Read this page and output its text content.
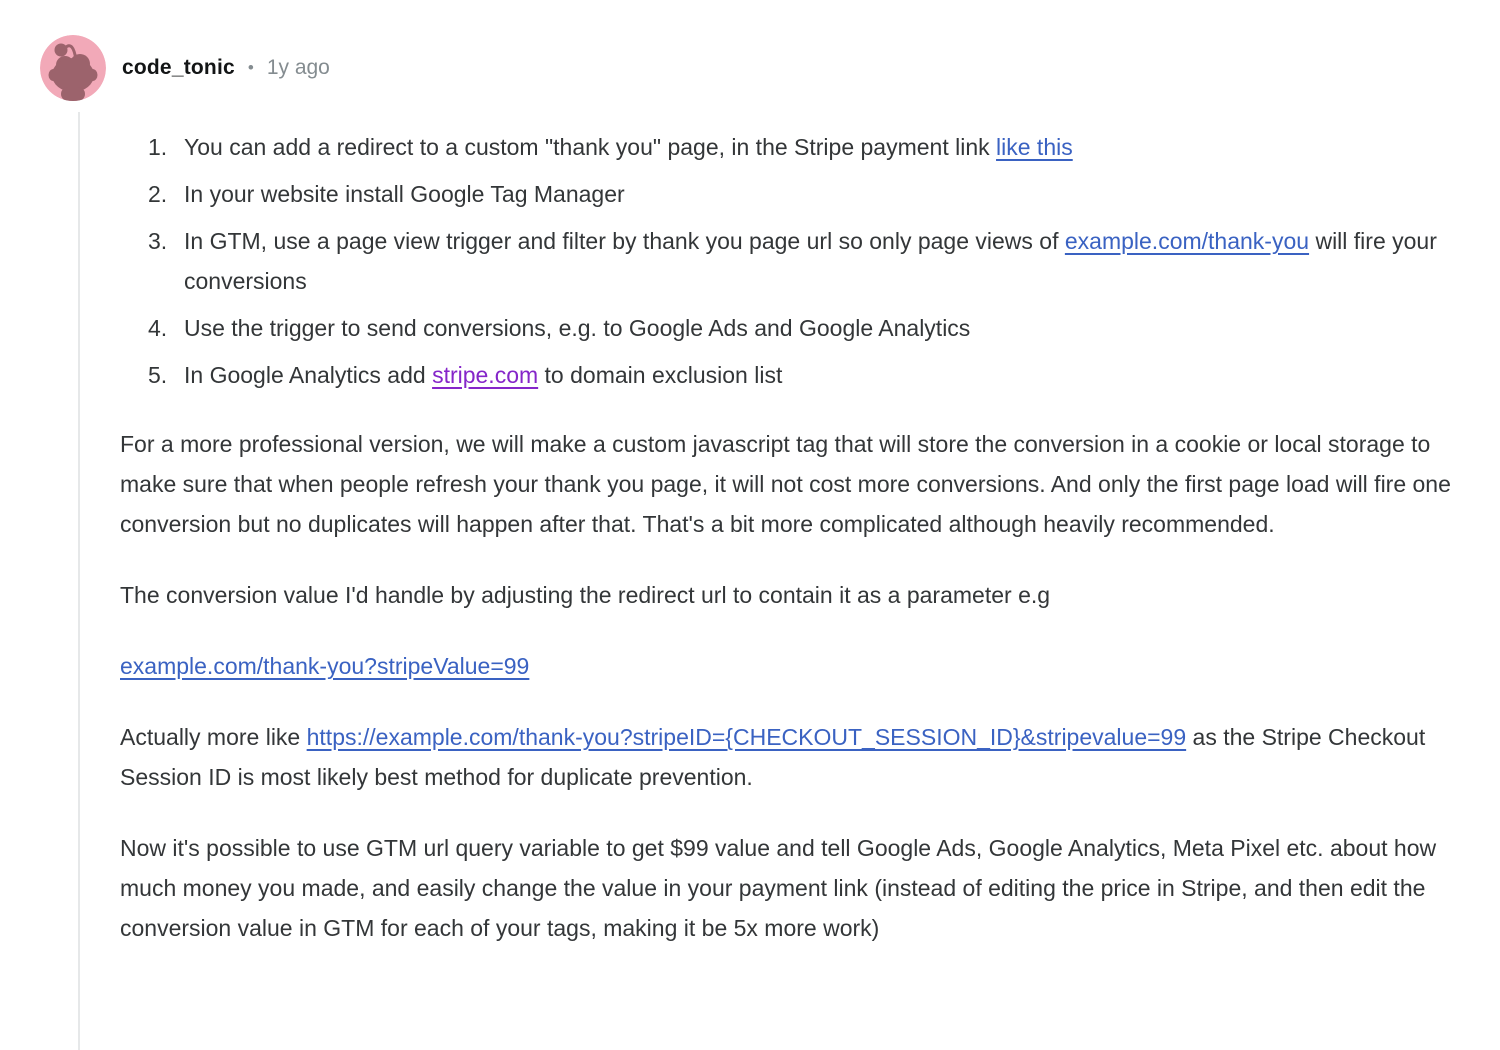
code_tonic • 1y ago
1. You can add a redirect to a custom "thank you" page, in the Stripe payment link like this
2. In your website install Google Tag Manager
3. In GTM, use a page view trigger and filter by thank you page url so only page views of example.com/thank-you will fire your conversions
4. Use the trigger to send conversions, e.g. to Google Ads and Google Analytics
5. In Google Analytics add stripe.com to domain exclusion list

For a more professional version, we will make a custom javascript tag that will store the conversion in a cookie or local storage to make sure that when people refresh your thank you page, it will not cost more conversions. And only the first page load will fire one conversion but no duplicates will happen after that. That's a bit more complicated although heavily recommended.

The conversion value I'd handle by adjusting the redirect url to contain it as a parameter e.g

example.com/thank-you?stripeValue=99

Actually more like https://example.com/thank-you?stripeID={CHECKOUT_SESSION_ID}&stripevalue=99 as the Stripe Checkout Session ID is most likely best method for duplicate prevention.

Now it's possible to use GTM url query variable to get $99 value and tell Google Ads, Google Analytics, Meta Pixel etc. about how much money you made, and easily change the value in your payment link (instead of editing the price in Stripe, and then edit the conversion value in GTM for each of your tags, making it be 5x more work)
